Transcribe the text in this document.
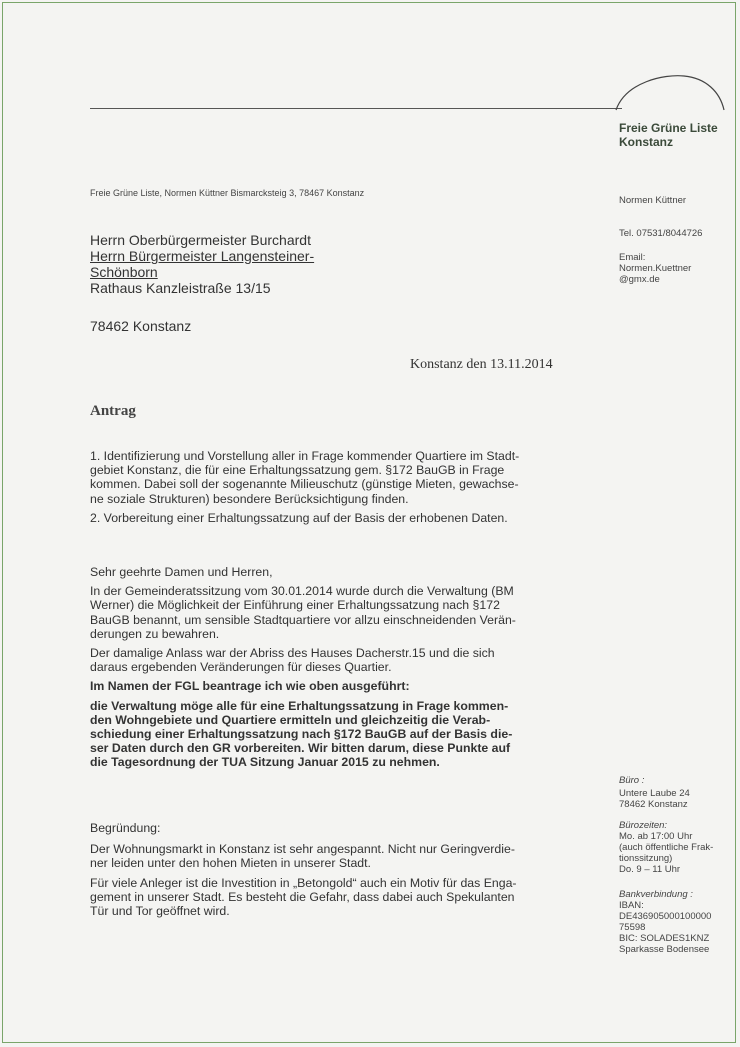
Freie Grüne Liste
Konstanz
Freie Grüne Liste, Normen Küttner Bismarcksteig 3, 78467 Konstanz
Normen Küttner
Tel. 07531/8044726
Email:
Normen.Kuettner
@gmx.de
Herrn Oberbürgermeister Burchardt
Herrn Bürgermeister Langensteiner-
Schönborn
Rathaus Kanzleistraße 13/15
78462 Konstanz
Konstanz den 13.11.2014
Antrag

1. Identifizierung und Vorstellung aller in Frage kommender Quartiere im Stadt-
gebiet Konstanz, die für eine Erhaltungssatzung gem. §172 BauGB in Frage
kommen. Dabei soll der sogenannte Milieuschutz (günstige Mieten, gewachse-
ne soziale Strukturen) besondere Berücksichtigung finden.

2. Vorbereitung einer Erhaltungssatzung auf der Basis der erhobenen Daten.

Sehr geehrte Damen und Herren,

In der Gemeinderatssitzung vom 30.01.2014 wurde durch die Verwaltung (BM
Werner) die Möglichkeit der Einführung einer Erhaltungssatzung nach §172
BauGB benannt, um sensible Stadtquartiere vor allzu einschneidenden Verän-
derungen zu bewahren.

Der damalige Anlass war der Abriss des Hauses Dacherstr.15 und die sich
daraus ergebenden Veränderungen für dieses Quartier.

Im Namen der FGL beantrage ich wie oben ausgeführt:

die Verwaltung möge alle für eine Erhaltungssatzung in Frage kommen-
den Wohngebiete und Quartiere ermitteln und gleichzeitig die Verab-
schiedung einer Erhaltungssatzung nach §172 BauGB auf der Basis die-
ser Daten durch den GR vorbereiten. Wir bitten darum, diese Punkte auf
die Tagesordnung der TUA Sitzung Januar 2015 zu nehmen.

Begründung:

Der Wohnungsmarkt in Konstanz ist sehr angespannt. Nicht nur Geringverdie-
ner leiden unter den hohen Mieten in unserer Stadt.

Für viele Anleger ist die Investition in „Betongold“ auch ein Motiv für das Enga-
gement in unserer Stadt. Es besteht die Gefahr, dass dabei auch Spekulanten
Tür und Tor geöffnet wird.

Büro :
Untere Laube 24
78462 Konstanz
Bürozeiten:
Mo. ab 17:00 Uhr
(auch öffentliche Frak-
tionssitzung)
Do. 9 – 11 Uhr
Bankverbindung :
IBAN:
DE436905000100000
75598
BIC: SOLADES1KNZ
Sparkasse Bodensee
